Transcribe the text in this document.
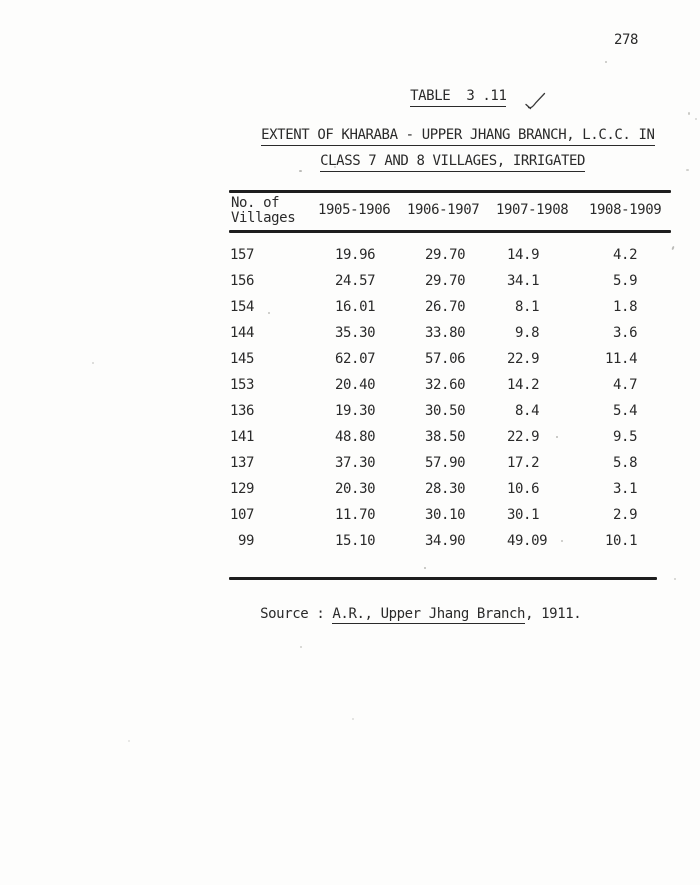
278

TABLE  3 .11

EXTENT OF KHARABA - UPPER JHANG BRANCH, L.C.C. IN

CLASS 7 AND 8 VILLAGES, IRRIGATED

No. of
Villages 1905-1906 1906-1907 1907-1908 1908-1909
157	19.96	29.70	14.9	4.2
156	24.57	29.70	34.1	5.9
154	16.01	26.70	8.1	1.8
144	35.30	33.80	9.8	3.6
145	62.07	57.06	22.9	11.4
153	20.40	32.60	14.2	4.7
136	19.30	30.50	8.4	5.4
141	48.80	38.50	22.9	9.5
137	37.30	57.90	17.2	5.8
129	20.30	28.30	10.6	3.1
107	11.70	30.10	30.1	2.9
99	15.10	34.90	49.09	10.1

Source : A.R., Upper Jhang Branch, 1911.
